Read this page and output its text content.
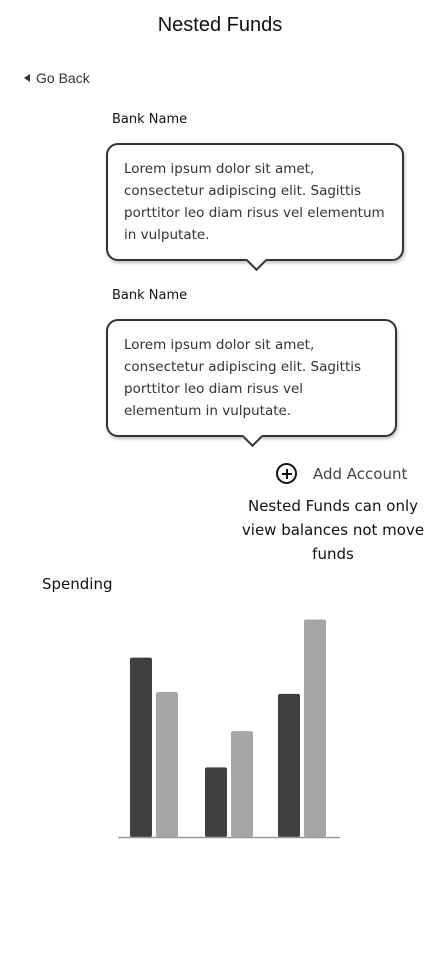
Nested Funds
Go Back
Bank Name
Lorem ipsum dolor sit amet, consectetur adipiscing elit. Sagittis porttitor leo diam risus vel elementum in vulputate.
Bank Name
Lorem ipsum dolor sit amet, consectetur adipiscing elit. Sagittis porttitor leo diam risus vel elementum in vulputate.
Add Account
Nested Funds can only view balances not move funds
Spending
